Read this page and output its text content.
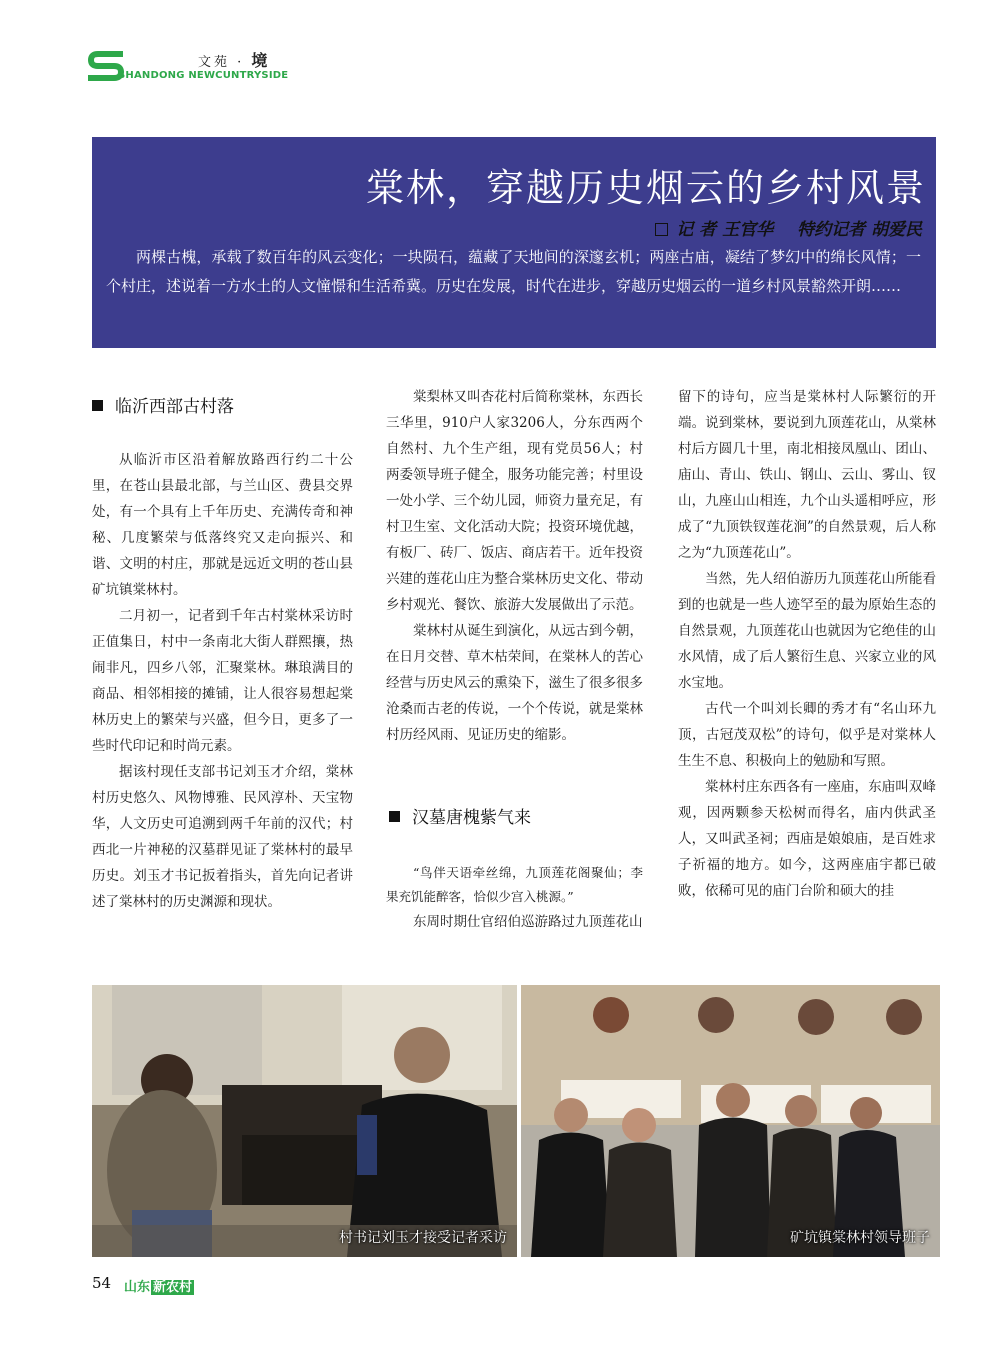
文苑 · 境
SHANDONG NEWCUNTRYSIDE
棠林，穿越历史烟云的乡村风景
记 者 王官华 特约记者 胡爱民

两棵古槐，承载了数百年的风云变化；一块陨石，蕴藏了天地间的深邃玄机；两座古庙，凝结了梦幻中的绵长风情；一个村庄，述说着一方水土的人文憧憬和生活希冀。历史在发展，时代在进步，穿越历史烟云的一道乡村风景豁然开朗……

临沂西部古村落

从临沂市区沿着解放路西行约二十公里，在苍山县最北部，与兰山区、费县交界处，有一个具有上千年历史、充满传奇和神秘、几度繁荣与低落终究又走向振兴、和谐、文明的村庄，那就是远近文明的苍山县矿坑镇棠林村。

二月初一，记者到千年古村棠林采访时正值集日，村中一条南北大街人群熙攘，热闹非凡，四乡八邻，汇聚棠林。琳琅满目的商品、相邻相接的摊铺，让人很容易想起棠林历史上的繁荣与兴盛，但今日，更多了一些时代印记和时尚元素。

据该村现任支部书记刘玉才介绍，棠林村历史悠久、风物博雅、民风淳朴、天宝物华，人文历史可追溯到两千年前的汉代；村西北一片神秘的汉墓群见证了棠林村的最早历史。刘玉才书记扳着指头，首先向记者讲述了棠林村的历史渊源和现状。

棠梨林又叫杏花村后简称棠林，东西长三华里，910户人家3206人，分东西两个自然村、九个生产组，现有党员56人；村两委领导班子健全，服务功能完善；村里设一处小学、三个幼儿园，师资力量充足，有村卫生室、文化活动大院；投资环境优越，有板厂、砖厂、饭店、商店若干。近年投资兴建的莲花山庄为整合棠林历史文化、带动乡村观光、餐饮、旅游大发展做出了示范。

棠林村从诞生到演化，从远古到今朝，在日月交替、草木枯荣间，在棠林人的苦心经营与历史风云的熏染下，滋生了很多很多沧桑而古老的传说，一个个传说，就是棠林村历经风雨、见证历史的缩影。

汉墓唐槐紫气来

“鸟伴天语牵丝绵，九顶莲花阁聚仙；李果充饥能醉客，恰似少宫入桃源。”

东周时期仕官绍伯巡游路过九顶莲花山

留下的诗句，应当是棠林村人际繁衍的开端。说到棠林，要说到九顶莲花山，从棠林村后方圆几十里，南北相接凤凰山、团山、庙山、青山、铁山、钢山、云山、雾山、钗山，九座山山相连，九个山头遥相呼应，形成了“九顶铁钗莲花涧”的自然景观，后人称之为“九顶莲花山”。

当然，先人绍伯游历九顶莲花山所能看到的也就是一些人迹罕至的最为原始生态的自然景观，九顶莲花山也就因为它绝佳的山水风情，成了后人繁衍生息、兴家立业的风水宝地。

古代一个叫刘长卿的秀才有“名山环九顶，古冠茂双松”的诗句，似乎是对棠林人生生不息、积极向上的勉励和写照。

棠林村庄东西各有一座庙，东庙叫双峰观，因两颗参天松树而得名，庙内供武圣人，又叫武圣祠；西庙是娘娘庙，是百姓求子祈福的地方。如今，这两座庙宇都已破败，依稀可见的庙门台阶和硕大的挂

村书记刘玉才接受记者采访	矿坑镇棠林村领导班子
54 山东 新农村
